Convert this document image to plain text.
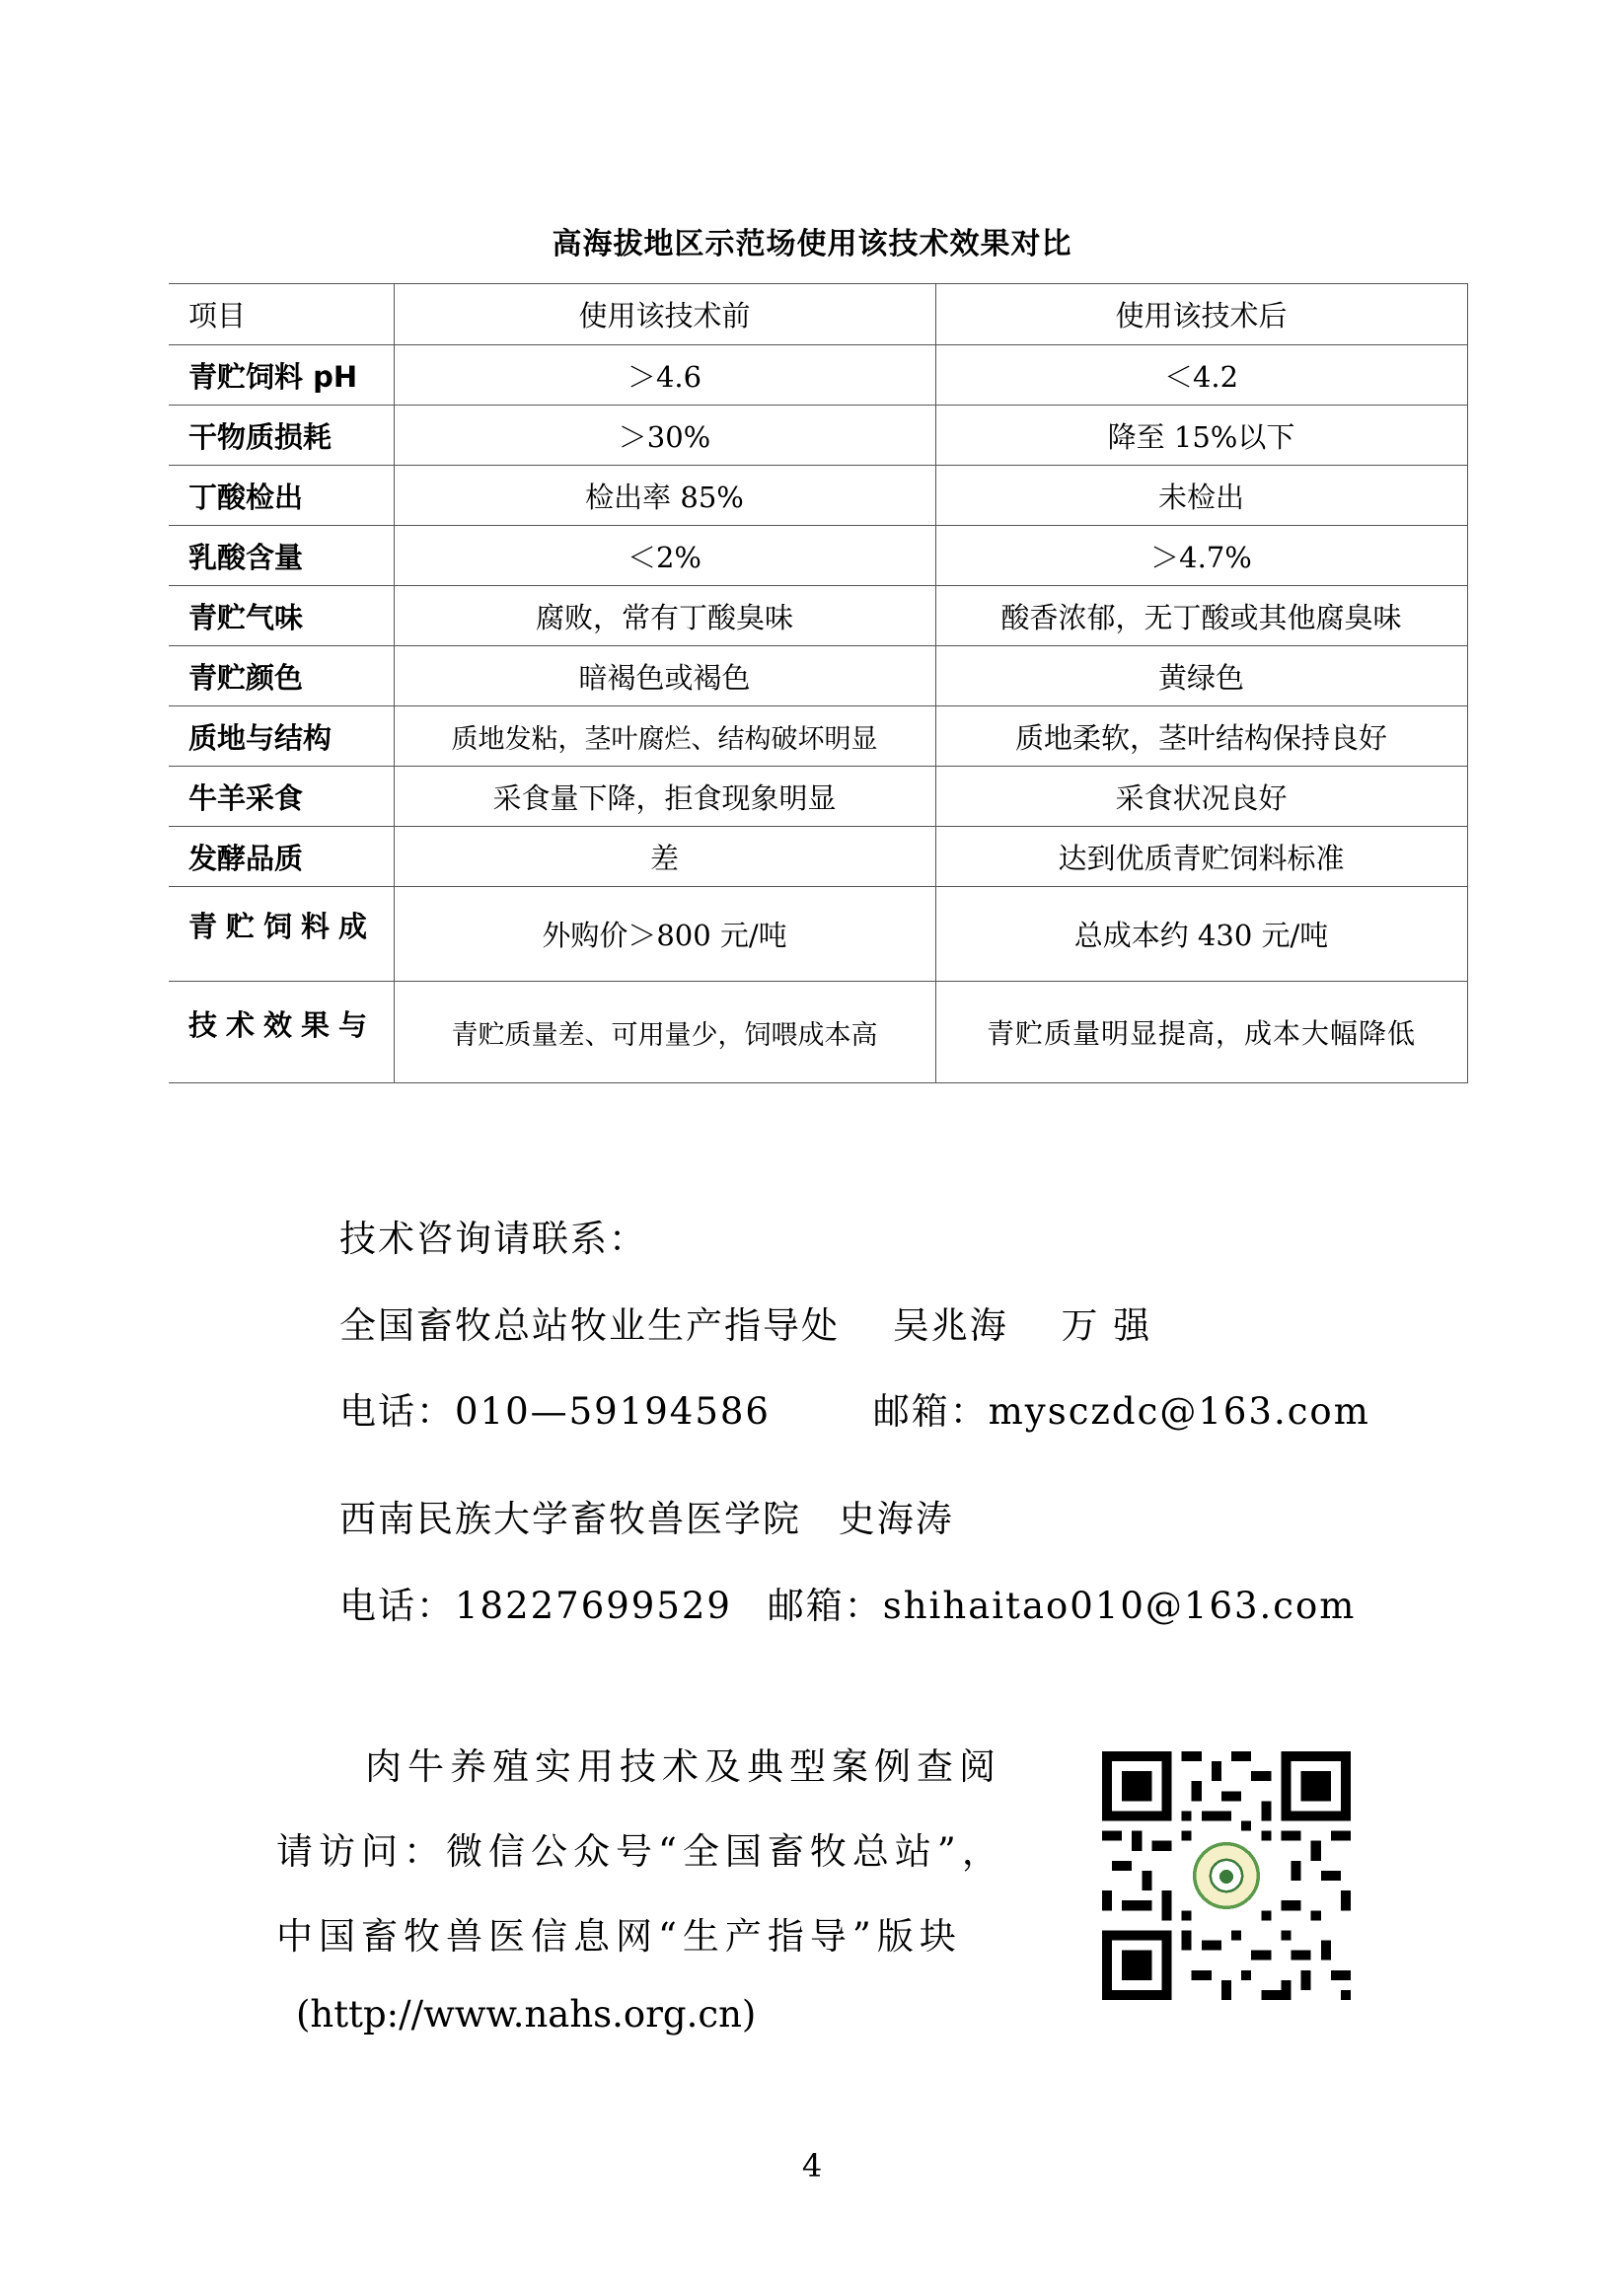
高海拔地区示范场使用该技术效果对比
项目	使用该技术前	使用该技术后
青贮饲料 pH	＞4.6	＜4.2
干物质损耗	＞30%	降至 15%以下
丁酸检出	检出率 85%	未检出
乳酸含量	＜2%	＞4.7%
青贮气味	腐败，常有丁酸臭味	酸香浓郁，无丁酸或其他腐臭味
青贮颜色	暗褐色或褐色	黄绿色
质地与结构	质地发粘，茎叶腐烂、结构破坏明显	质地柔软，茎叶结构保持良好
牛羊采食	采食量下降，拒食现象明显	采食状况良好
发酵品质	差	达到优质青贮饲料标准
青贮饲料成	外购价＞800 元/吨	总成本约 430 元/吨
技术效果与	青贮质量差、可用量少，饲喂成本高	青贮质量明显提高，成本大幅降低
技术咨询请联系：
全国畜牧总站牧业生产指导处 吴兆海 万 强
电话：010—59194586	邮箱：mysczdc@163.com
西南民族大学畜牧兽医学院 史海涛
电话：18227699529 邮箱：shihaitao010@163.com
肉牛养殖实用技术及典型案例查阅
请访问：微信公众号“全国畜牧总站”，
中国畜牧兽医信息网“生产指导”版块
(http://www.nahs.org.cn)
4
